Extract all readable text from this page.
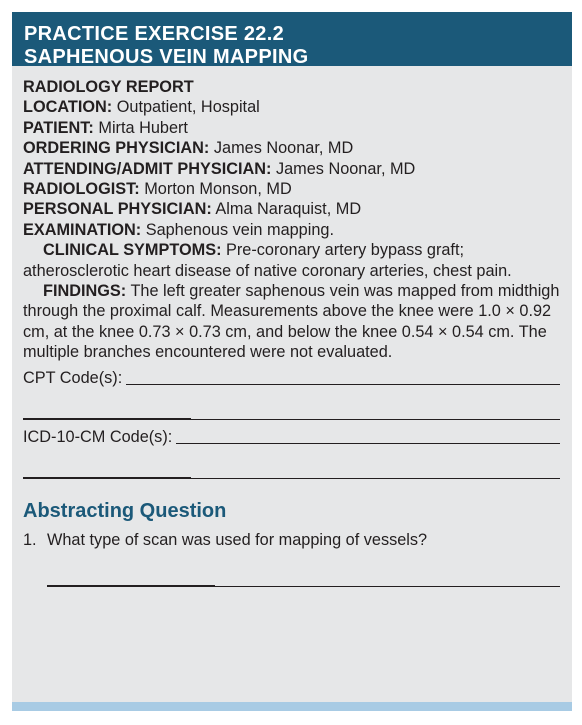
PRACTICE EXERCISE 22.2
SAPHENOUS VEIN MAPPING
RADIOLOGY REPORT
LOCATION: Outpatient, Hospital
PATIENT: Mirta Hubert
ORDERING PHYSICIAN: James Noonar, MD
ATTENDING/ADMIT PHYSICIAN: James Noonar, MD
RADIOLOGIST: Morton Monson, MD
PERSONAL PHYSICIAN: Alma Naraquist, MD
EXAMINATION: Saphenous vein mapping.
CLINICAL SYMPTOMS: Pre-coronary artery bypass graft; atherosclerotic heart disease of native coronary arteries, chest pain.
FINDINGS: The left greater saphenous vein was mapped from midthigh through the proximal calf. Measurements above the knee were 1.0 × 0.92 cm, at the knee 0.73 × 0.73 cm, and below the knee 0.54 × 0.54 cm. The multiple branches encountered were not evaluated.
CPT Code(s):
ICD-10-CM Code(s):
Abstracting Question
1. What type of scan was used for mapping of vessels?
